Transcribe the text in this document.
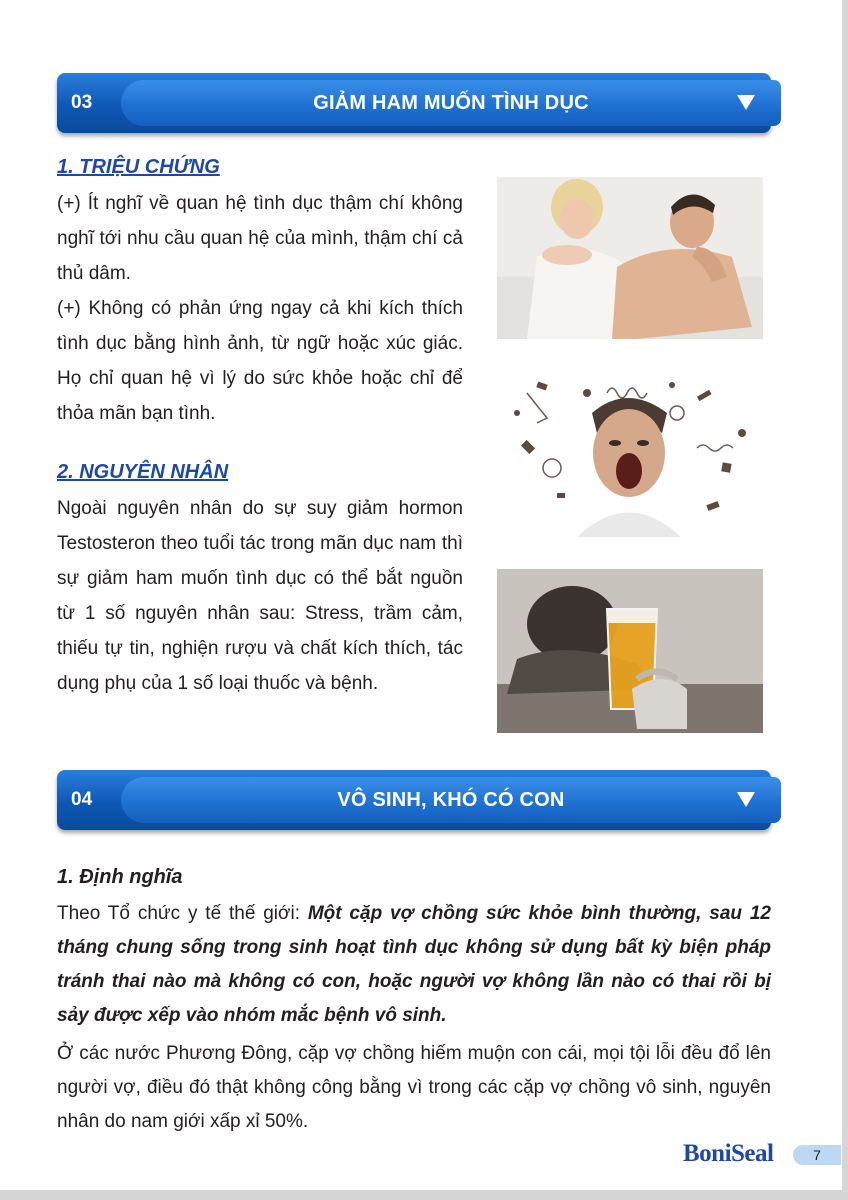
03	GIẢM HAM MUỐN TÌNH DỤC
1. TRIỆU CHỨNG

(+) Ít nghĩ về quan hệ tình dục thậm chí không nghĩ tới nhu cầu quan hệ của mình, thậm chí cả thủ dâm.

(+) Không có phản ứng ngay cả khi kích thích tình dục bằng hình ảnh, từ ngữ hoặc xúc giác. Họ chỉ quan hệ vì lý do sức khỏe hoặc chỉ để thỏa mãn bạn tình.

2. NGUYÊN NHÂN

Ngoài nguyên nhân do sự suy giảm hormon Testosteron theo tuổi tác trong mãn dục nam thì sự giảm ham muốn tình dục có thể bắt nguồn từ 1 số nguyên nhân sau: Stress, trầm cảm, thiếu tự tin, nghiện rượu và chất kích thích, tác dụng phụ của 1 số loại thuốc và bệnh.

04	VÔ SINH, KHÓ CÓ CON
1. Định nghĩa
Theo Tổ chức y tế thế giới: Một cặp vợ chồng sức khỏe bình thường, sau 12 tháng chung sống trong sinh hoạt tình dục không sử dụng bất kỳ biện pháp tránh thai nào mà không có con, hoặc người vợ không lần nào có thai rồi bị sảy được xếp vào nhóm mắc bệnh vô sinh.
Ở các nước Phương Đông, cặp vợ chồng hiếm muộn con cái, mọi tội lỗi đều đổ lên người vợ, điều đó thật không công bằng vì trong các cặp vợ chồng vô sinh, nguyên nhân do nam giới xấp xỉ 50%.
BoniSeal	7
